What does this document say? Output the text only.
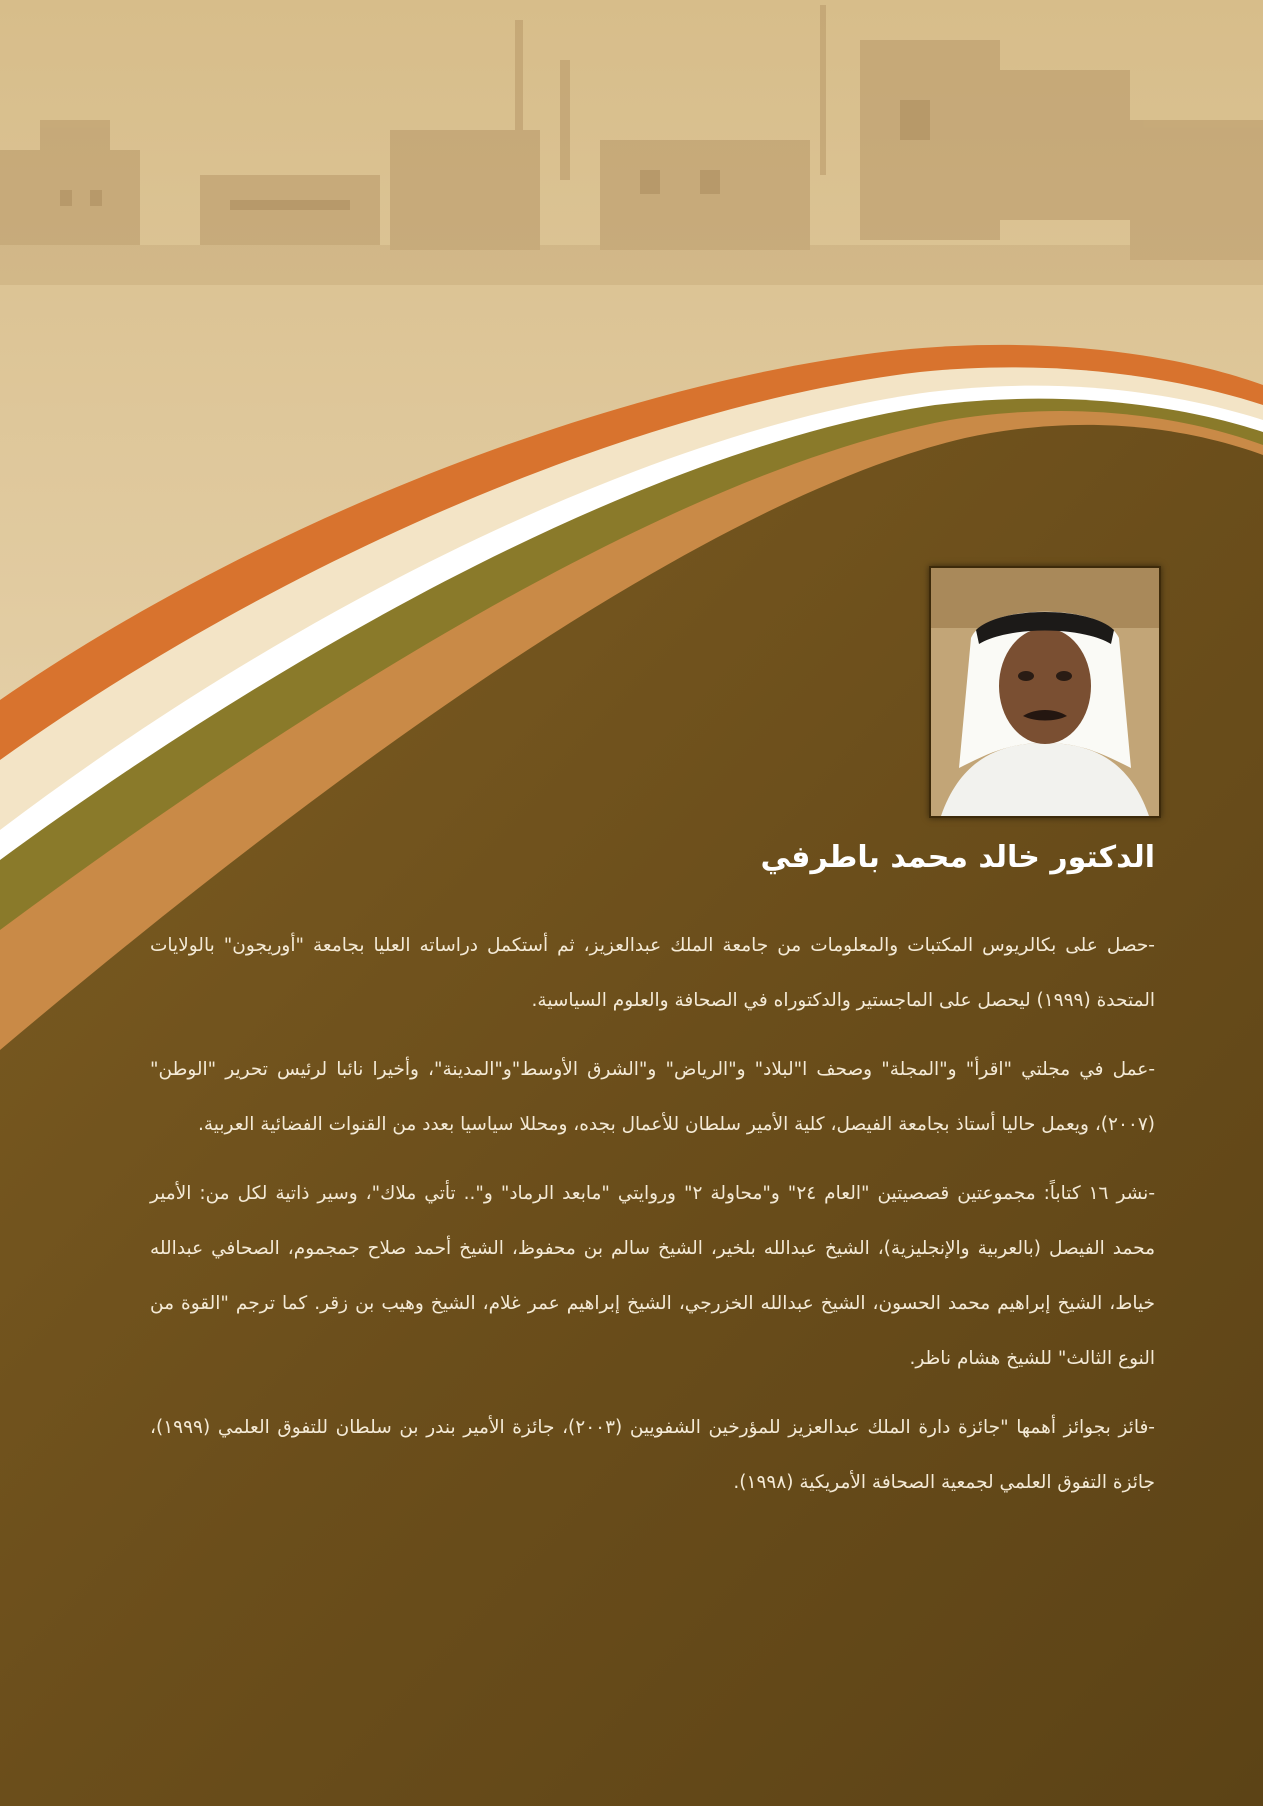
الدكتور خالد محمد باطرفي

-حصل على بكالريوس المكتبات والمعلومات من جامعة الملك عبدالعزيز، ثم أستكمل دراساته العليا بجامعة "أوريجون" بالولايات المتحدة (١٩٩٩) ليحصل على الماجستير والدكتوراه في الصحافة والعلوم السياسية.

-عمل في مجلتي "اقرأ" و"المجلة" وصحف ا"لبلاد" و"الرياض" و"الشرق الأوسط"و"المدينة"، وأخيرا نائبا لرئيس تحرير "الوطن" (٢٠٠٧)، ويعمل حاليا أستاذ بجامعة الفيصل، كلية الأمير سلطان للأعمال بجده، ومحللا سياسيا بعدد من القنوات الفضائية العربية.

-نشر ١٦ كتاباً: مجموعتين قصصيتين "العام ٢٤" و"محاولة ٢" وروايتي "مابعد الرماد" و".. تأتي ملاك"، وسير ذاتية لكل من: الأمير محمد الفيصل (بالعربية والإنجليزية)، الشيخ عبدالله بلخير، الشيخ سالم بن محفوظ، الشيخ أحمد صلاح جمجموم، الصحافي عبدالله خياط، الشيخ إبراهيم محمد الحسون، الشيخ عبدالله الخزرجي، الشيخ إبراهيم عمر غلام، الشيخ وهيب بن زقر. كما ترجم "القوة من النوع الثالث" للشيخ هشام ناظر.

-فائز بجوائز أهمها "جائزة دارة الملك عبدالعزيز للمؤرخين الشفويين (٢٠٠٣)، جائزة الأمير بندر بن سلطان للتفوق العلمي (١٩٩٩)، جائزة التفوق العلمي لجمعية الصحافة الأمريكية (١٩٩٨).
